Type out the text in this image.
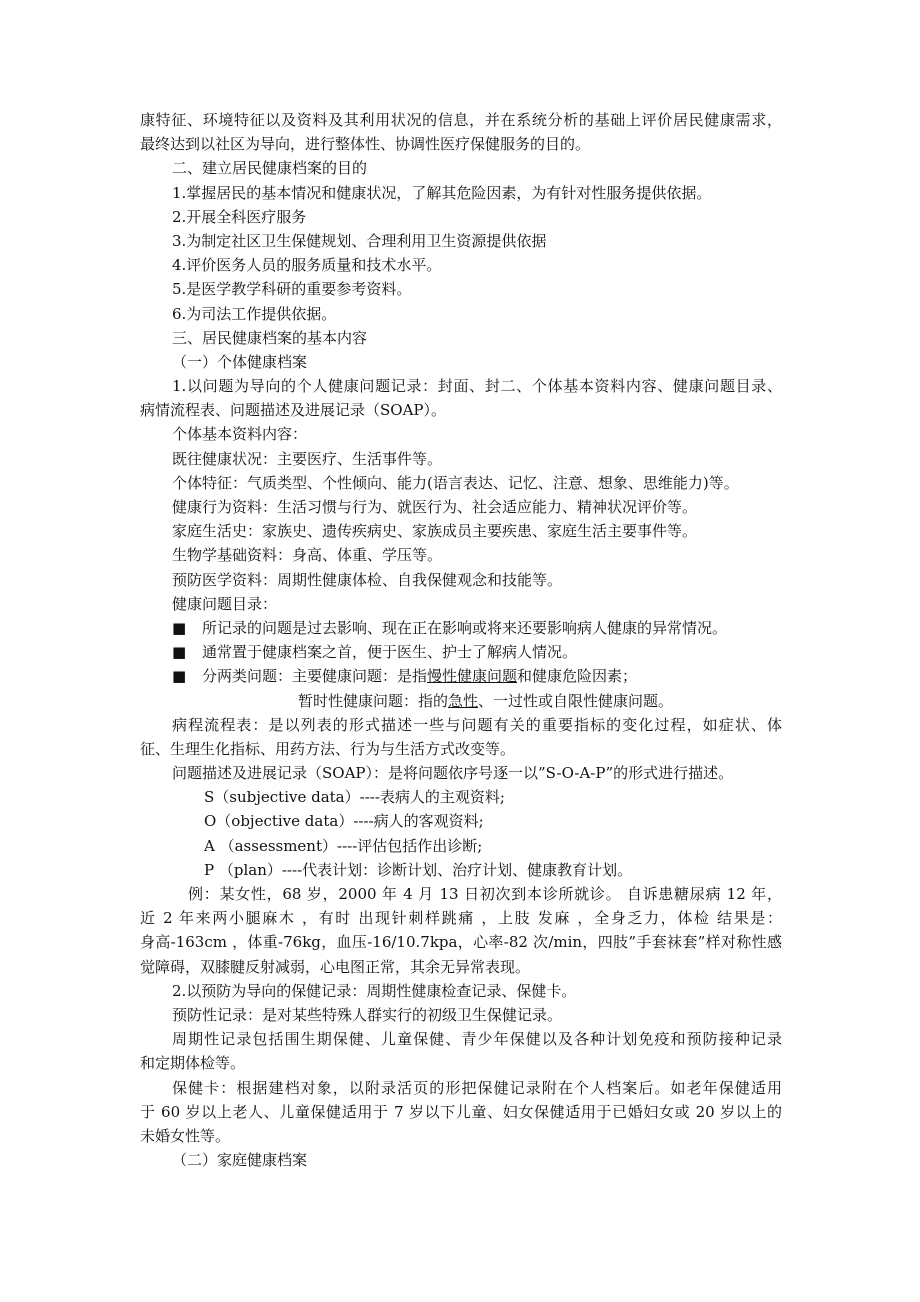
康特征、环境特征以及资料及其利用状况的信息，并在系统分析的基础上评价居民健康需求，
最终达到以社区为导向，进行整体性、协调性医疗保健服务的目的。
二、建立居民健康档案的目的
1.掌握居民的基本情况和健康状况，了解其危险因素，为有针对性服务提供依据。
2.开展全科医疗服务
3.为制定社区卫生保健规划、合理利用卫生资源提供依据
4.评价医务人员的服务质量和技术水平。
5.是医学教学科研的重要参考资料。
6.为司法工作提供依据。
三、居民健康档案的基本内容
（一）个体健康档案
1.以问题为导向的个人健康问题记录：封面、封二、个体基本资料内容、健康问题目录、
病情流程表、问题描述及进展记录（SOAP）。
个体基本资料内容：
既往健康状况：主要医疗、生活事件等。
个体特征：气质类型、个性倾向、能力(语言表达、记忆、注意、想象、思维能力)等。
健康行为资料：生活习惯与行为、就医行为、社会适应能力、精神状况评价等。
家庭生活史：家族史、遗传疾病史、家族成员主要疾患、家庭生活主要事件等。
生物学基础资料：身高、体重、学压等。
预防医学资料：周期性健康体检、自我保健观念和技能等。
健康问题目录：
■ 所记录的问题是过去影响、现在正在影响或将来还要影响病人健康的异常情况。
■ 通常置于健康档案之首，便于医生、护士了解病人情况。
■ 分两类问题：主要健康问题：是指慢性健康问题和健康危险因素；
暂时性健康问题：指的急性、一过性或自限性健康问题。
病程流程表：是以列表的形式描述一些与问题有关的重要指标的变化过程，如症状、体
征、生理生化指标、用药方法、行为与生活方式改变等。
问题描述及进展记录（SOAP）：是将问题依序号逐一以”S-O-A-P”的形式进行描述。
S（subjective data）----表病人的主观资料;
O（objective data）----病人的客观资料;
A （assessment）----评估包括作出诊断;
P （plan）----代表计划：诊断计划、治疗计划、健康教育计划。
例：某女性，68 岁，2000 年 4 月 13 日初次到本诊所就诊。 自诉患糖尿病 12 年，
近 2 年来两小腿麻木 ，有时 出现针刺样跳痛 ，上肢 发麻 ，全身乏力，体检 结果是：
身高-163cm ，体重-76kg，血压-16/10.7kpa，心率-82 次/min，四肢”手套袜套”样对称性感
觉障碍，双膝腱反射减弱，心电图正常，其余无异常表现。
2.以预防为导向的保健记录：周期性健康检查记录、保健卡。
预防性记录：是对某些特殊人群实行的初级卫生保健记录。
周期性记录包括围生期保健、儿童保健、青少年保健以及各种计划免疫和预防接种记录
和定期体检等。
保健卡：根据建档对象，以附录活页的形把保健记录附在个人档案后。如老年保健适用
于 60 岁以上老人、儿童保健适用于 7 岁以下儿童、妇女保健适用于已婚妇女或 20 岁以上的
未婚女性等。
（二）家庭健康档案
